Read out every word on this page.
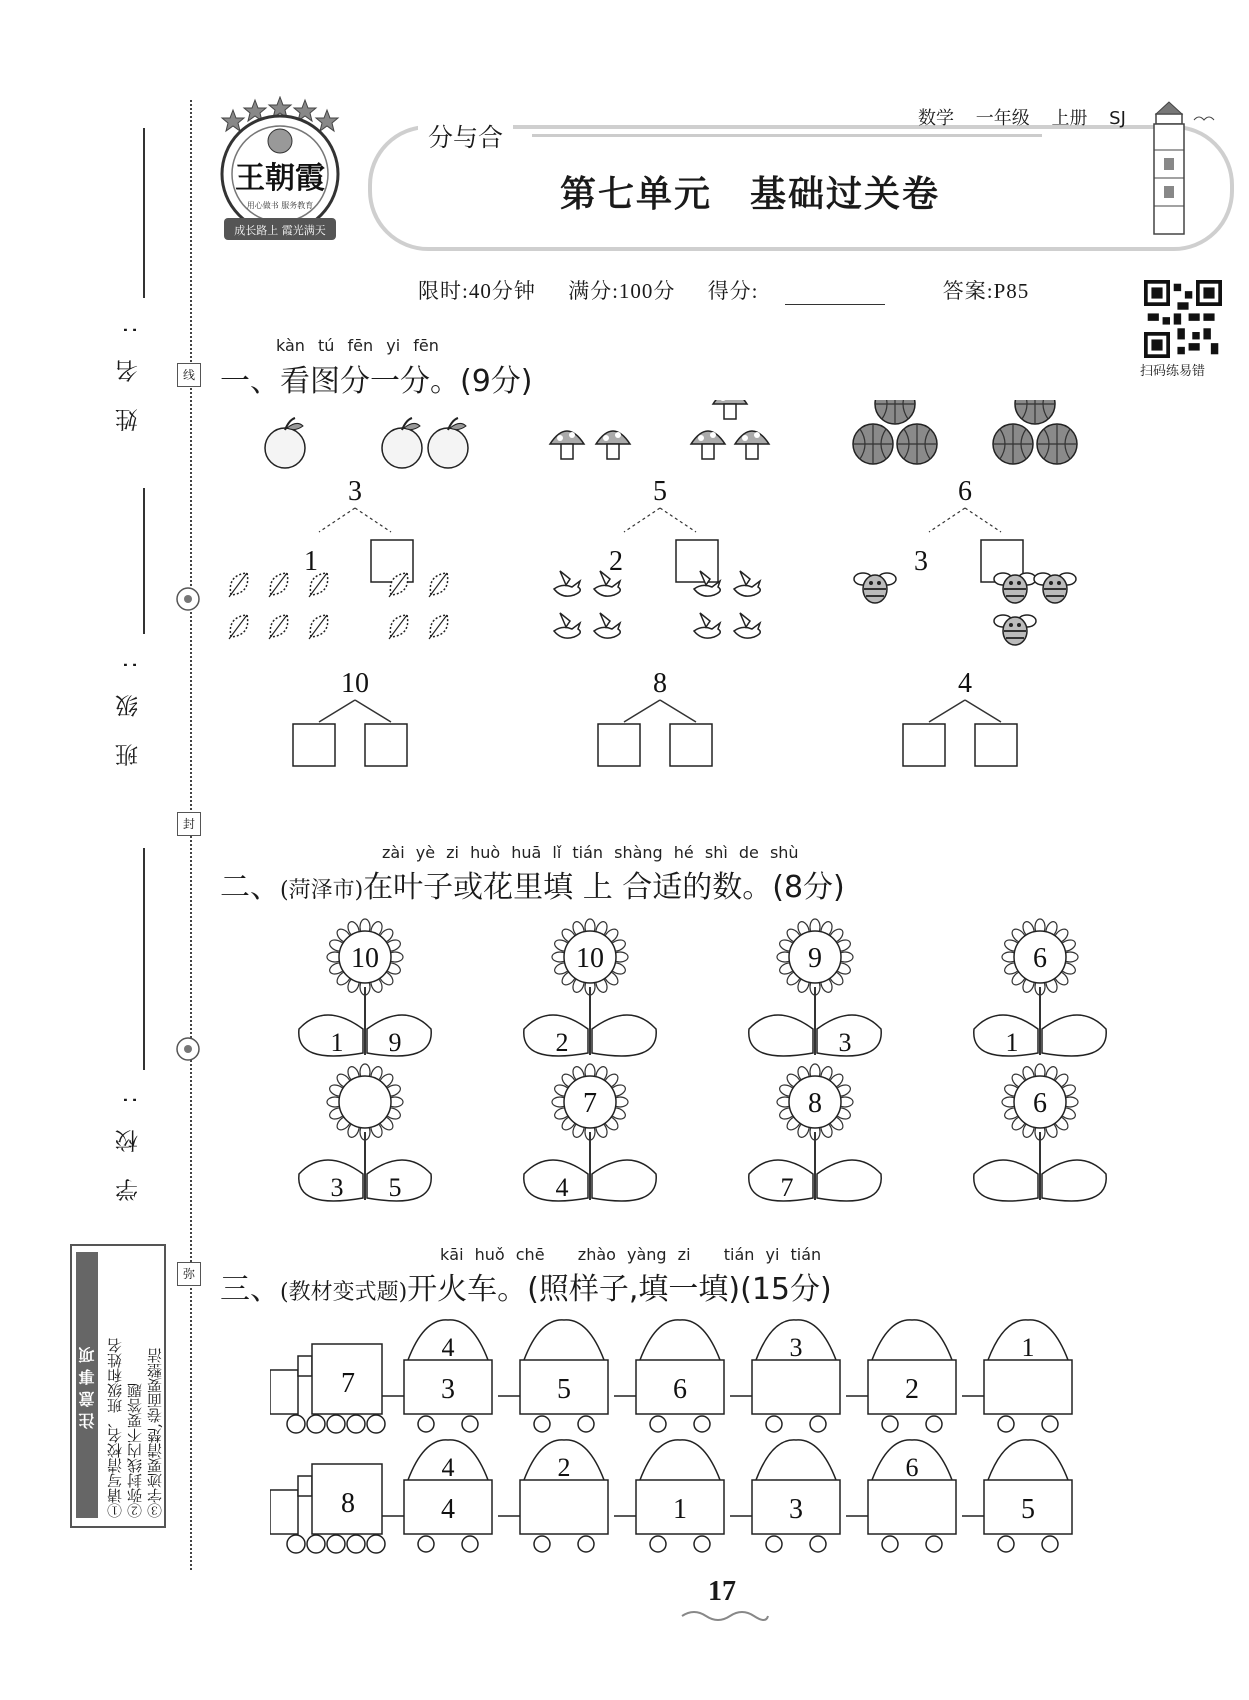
姓名:
班级:
学校:
线
封
弥
注意事项 ①请写清校名、班级和姓名 ②弥封线内不要答题 ③字迹要清楚,卷面要整洁
王朝霞
用心做书 服务教育
成长路上 霞光满天
分与合
第七单元　基础过关卷
数学 一年级 上册 SJ
限时:40分钟 满分:100分 得分:	答案:P85
扫码练易错
kàn tú fēn yi fēn
一、看图分一分。(9分)
3
1
5
2
6
3
10	8	4
zài yè zi huò huā lǐ tián shàng hé shì de shù
二、(菏泽市)在叶子或花里填 上 合适的数。(8分)
10
1 9
10
2
9
3
6
1
3 5
7
4
8
7
6
kāi huǒ chē   zhào yàng zi   tián yi tián
三、(教材变式题)开火车。(照样子,填一填)(15分)
7
4
3	5	6
3
2
1
8
4
4
2
1	3
6
5
17
